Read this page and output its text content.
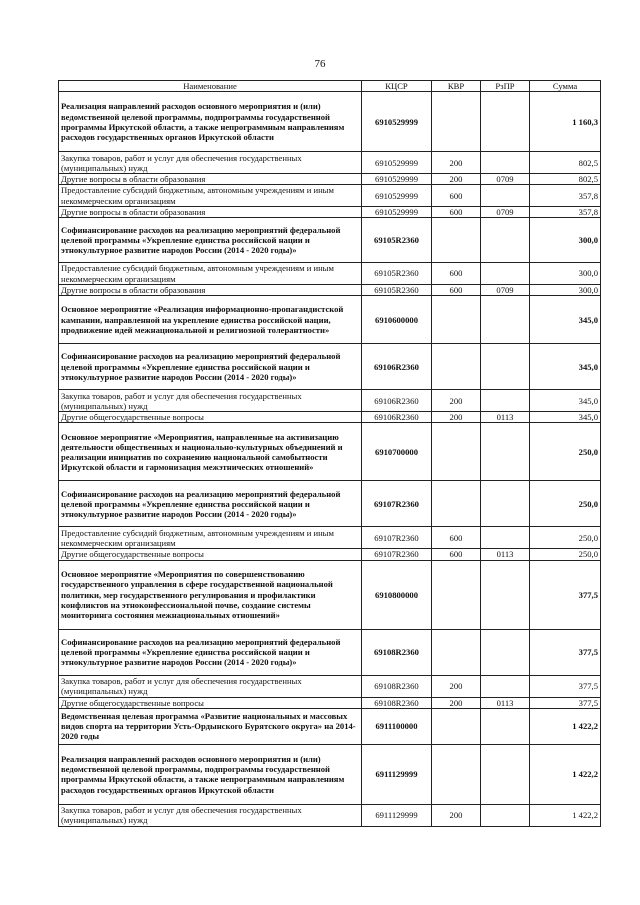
76
Наименование	КЦСР	КВР	РзПР	Сумма
Реализация направлений расходов основного мероприятия и (или) ведомственной целевой программы, подпрограммы государственной программы Иркутской области, а также непрограммным направлениям расходов государственных органов Иркутской области	6910529999			1 160,3
Закупка товаров, работ и услуг для обеспечения государственных (муниципальных) нужд	6910529999	200		802,5
Другие вопросы в области образования	6910529999	200	0709	802,5
Предоставление субсидий бюджетным, автономным учреждениям и иным некоммерческим организациям	6910529999	600		357,8
Другие вопросы в области образования	6910529999	600	0709	357,8
Софинансирование расходов на реализацию мероприятий федеральной целевой программы «Укрепление единства российской нации и этнокультурное развитие народов России (2014 - 2020 годы)»	69105R2360			300,0
Предоставление субсидий бюджетным, автономным учреждениям и иным некоммерческим организациям	69105R2360	600		300,0
Другие вопросы в области образования	69105R2360	600	0709	300,0
Основное мероприятие «Реализация информационно-пропагандистской кампании, направленной на укрепление единства российской нации, продвижение идей межнациональной и религиозной толерантности»	6910600000			345,0
Софинансирование расходов на реализацию мероприятий федеральной целевой программы «Укрепление единства российской нации и этнокультурное развитие народов России (2014 - 2020 годы)»	69106R2360			345,0
Закупка товаров, работ и услуг для обеспечения государственных (муниципальных) нужд	69106R2360	200		345,0
Другие общегосударственные вопросы	69106R2360	200	0113	345,0
Основное мероприятие «Мероприятия, направленные на активизацию деятельности общественных и национально-культурных объединений и реализации инициатив по сохранению национальной самобытности Иркутской области и гармонизация межэтнических отношений»	6910700000			250,0
Софинансирование расходов на реализацию мероприятий федеральной целевой программы «Укрепление единства российской нации и этнокультурное развитие народов России (2014 - 2020 годы)»	69107R2360			250,0
Предоставление субсидий бюджетным, автономным учреждениям и иным некоммерческим организациям	69107R2360	600		250,0
Другие общегосударственные вопросы	69107R2360	600	0113	250,0
Основное мероприятие «Мероприятия по совершенствованию государственного управления в сфере государственной национальной политики, мер государственного регулирования и профилактики конфликтов на этноконфессиональной почве, создание системы мониторинга состояния межнациональных отношений»	6910800000			377,5
Софинансирование расходов на реализацию мероприятий федеральной целевой программы «Укрепление единства российской нации и этнокультурное развитие народов России (2014 - 2020 годы)»	69108R2360			377,5
Закупка товаров, работ и услуг для обеспечения государственных (муниципальных) нужд	69108R2360	200		377,5
Другие общегосударственные вопросы	69108R2360	200	0113	377,5
Ведомственная целевая программа «Развитие национальных и массовых видов спорта на территории Усть-Ордынского Бурятского округа» на 2014-2020 годы	6911100000			1 422,2
Реализация направлений расходов основного мероприятия и (или) ведомственной целевой программы, подпрограммы государственной программы Иркутской области, а также непрограммным направлениям расходов государственных органов Иркутской области	6911129999			1 422,2
Закупка товаров, работ и услуг для обеспечения государственных (муниципальных) нужд	6911129999	200		1 422,2
